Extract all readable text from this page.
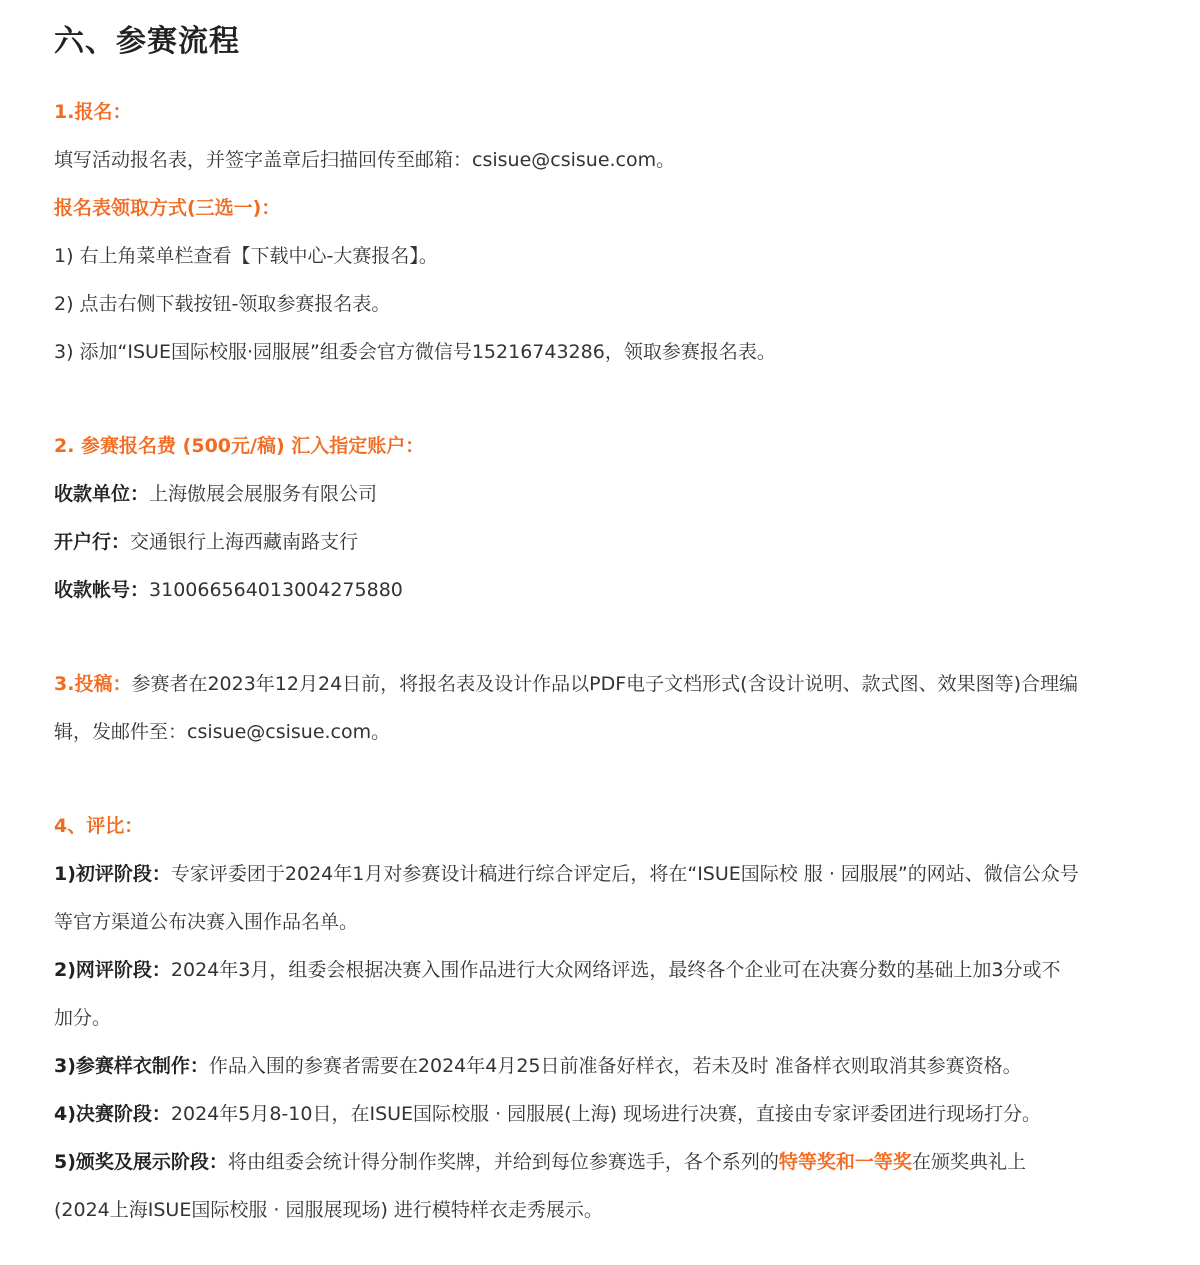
六、参赛流程

1.报名：

填写活动报名表，并签字盖章后扫描回传至邮箱：csisue@csisue.com。

报名表领取方式(三选一)：

1) 右上角菜单栏查看【下载中心-大赛报名】。

2) 点击右侧下载按钮-领取参赛报名表。

3) 添加“ISUE国际校服·园服展”组委会官方微信号15216743286，领取参赛报名表。

2. 参赛报名费 (500元/稿) 汇入指定账户：

收款单位：上海傲展会展服务有限公司

开户行：交通银行上海西藏南路支行

收款帐号：310066564013004275880

3.投稿：参赛者在2023年12月24日前，将报名表及设计作品以PDF电子文档形式(含设计说明、款式图、效果图等)合理编

辑，发邮件至：csisue@csisue.com。

4、评比：

1)初评阶段：专家评委团于2024年1月对参赛设计稿进行综合评定后，将在“ISUE国际校 服 · 园服展”的网站、微信公众号

等官方渠道公布决赛入围作品名单。

2)网评阶段：2024年3月，组委会根据决赛入围作品进行大众网络评选，最终各个企业可在决赛分数的基础上加3分或不

加分。

3)参赛样衣制作：作品入围的参赛者需要在2024年4月25日前准备好样衣，若未及时 准备样衣则取消其参赛资格。

4)决赛阶段：2024年5月8-10日，在ISUE国际校服 · 园服展(上海) 现场进行决赛，直接由专家评委团进行现场打分。

5)颁奖及展示阶段：将由组委会统计得分制作奖牌，并给到每位参赛选手，各个系列的特等奖和一等奖在颁奖典礼上

(2024上海ISUE国际校服 · 园服展现场) 进行模特样衣走秀展示。
